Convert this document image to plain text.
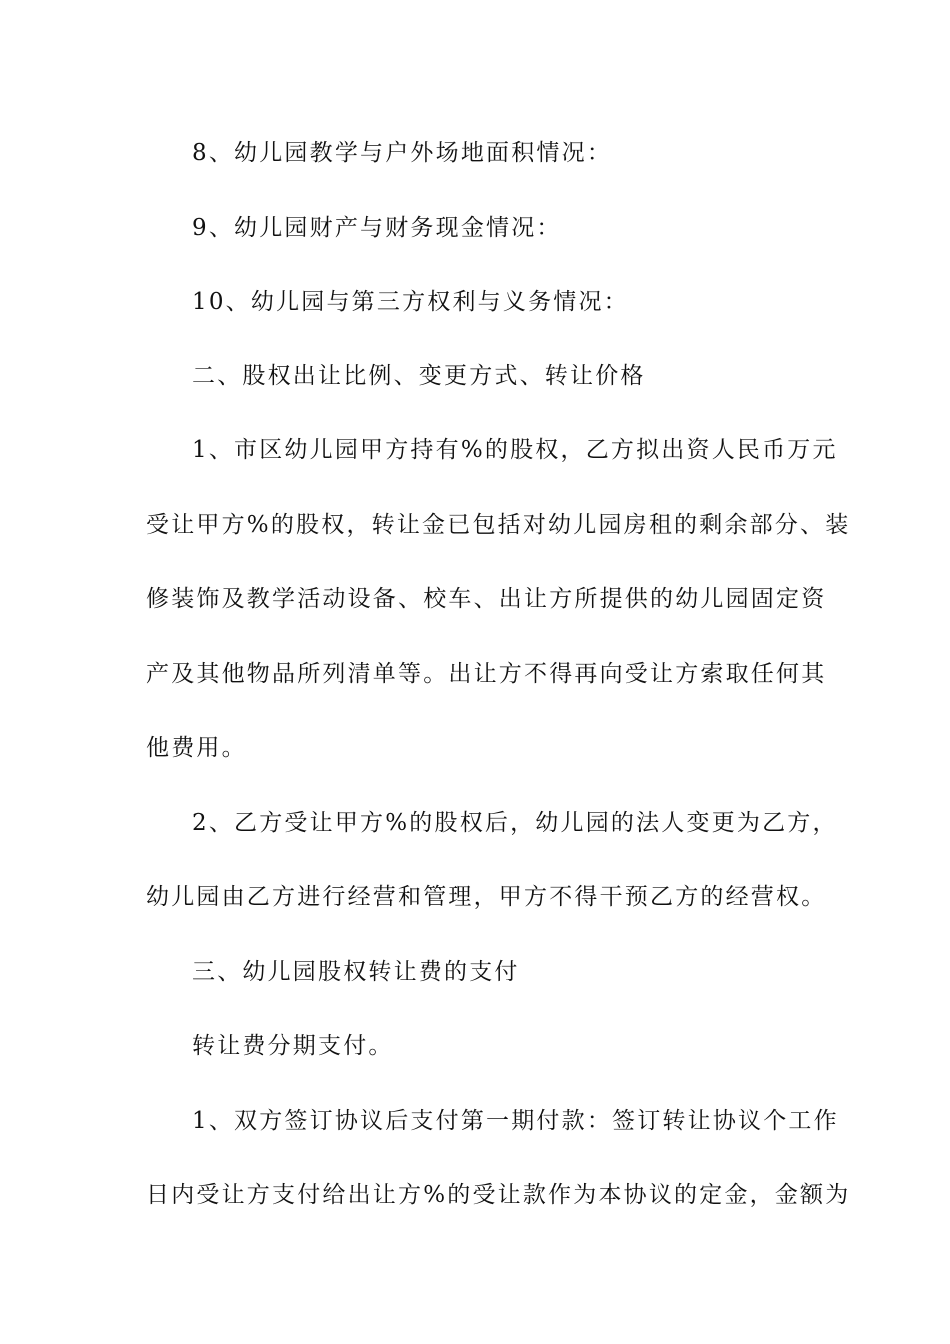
8、幼儿园教学与户外场地面积情况：
9、幼儿园财产与财务现金情况：
10、幼儿园与第三方权利与义务情况：
二、股权出让比例、变更方式、转让价格
1、市区幼儿园甲方持有%的股权，乙方拟出资人民币万元
受让甲方%的股权，转让金已包括对幼儿园房租的剩余部分、装
修装饰及教学活动设备、校车、出让方所提供的幼儿园固定资
产及其他物品所列清单等。出让方不得再向受让方索取任何其
他费用。
2、乙方受让甲方%的股权后，幼儿园的法人变更为乙方，
幼儿园由乙方进行经营和管理，甲方不得干预乙方的经营权。
三、幼儿园股权转让费的支付
转让费分期支付。
1、双方签订协议后支付第一期付款：签订转让协议个工作
日内受让方支付给出让方%的受让款作为本协议的定金，金额为
